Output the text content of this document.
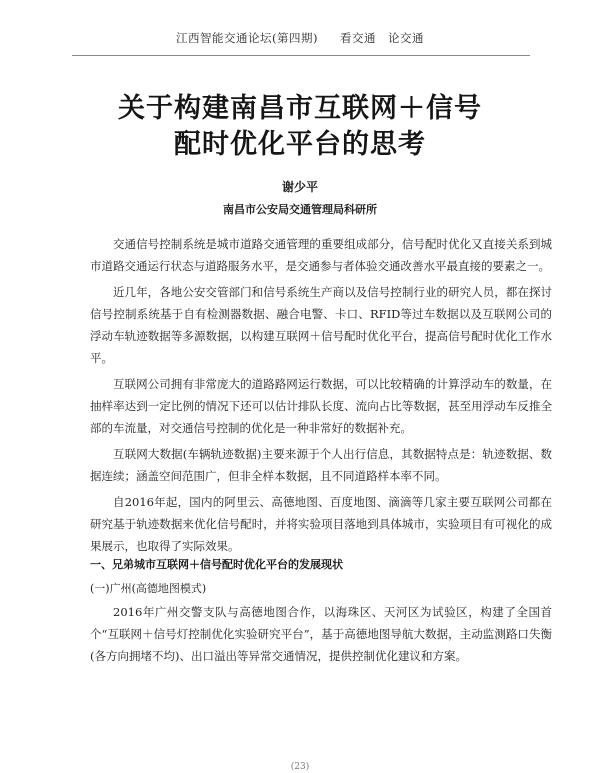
江西智能交通论坛(第四期) 看交通　论交通
关于构建南昌市互联网＋信号
配时优化平台的思考
谢少平
南昌市公安局交通管理局科研所

交通信号控制系统是城市道路交通管理的重要组成部分，信号配时优化又直接关系到城市道路交通运行状态与道路服务水平，是交通参与者体验交通改善水平最直接的要素之一。

近几年，各地公安交管部门和信号系统生产商以及信号控制行业的研究人员，都在探讨信号控制系统基于自有检测器数据、融合电警、卡口、RFID等过车数据以及互联网公司的浮动车轨迹数据等多源数据，以构建互联网＋信号配时优化平台，提高信号配时优化工作水平。

互联网公司拥有非常庞大的道路路网运行数据，可以比较精确的计算浮动车的数量，在抽样率达到一定比例的情况下还可以估计排队长度、流向占比等数据，甚至用浮动车反推全部的车流量，对交通信号控制的优化是一种非常好的数据补充。

互联网大数据(车辆轨迹数据)主要来源于个人出行信息，其数据特点是：轨迹数据、数据连续；涵盖空间范围广，但非全样本数据，且不同道路样本率不同。

自2016年起，国内的阿里云、高德地图、百度地图、滴滴等几家主要互联网公司都在研究基于轨迹数据来优化信号配时，并将实验项目落地到具体城市，实验项目有可视化的成果展示，也取得了实际效果。

一、兄弟城市互联网＋信号配时优化平台的发展现状
(一)广州(高德地图模式)

2016年广州交警支队与高德地图合作，以海珠区、天河区为试验区，构建了全国首个“互联网＋信号灯控制优化实验研究平台”，基于高德地图导航大数据，主动监测路口失衡(各方向拥堵不均)、出口溢出等异常交通情况，提供控制优化建议和方案。

(23)
